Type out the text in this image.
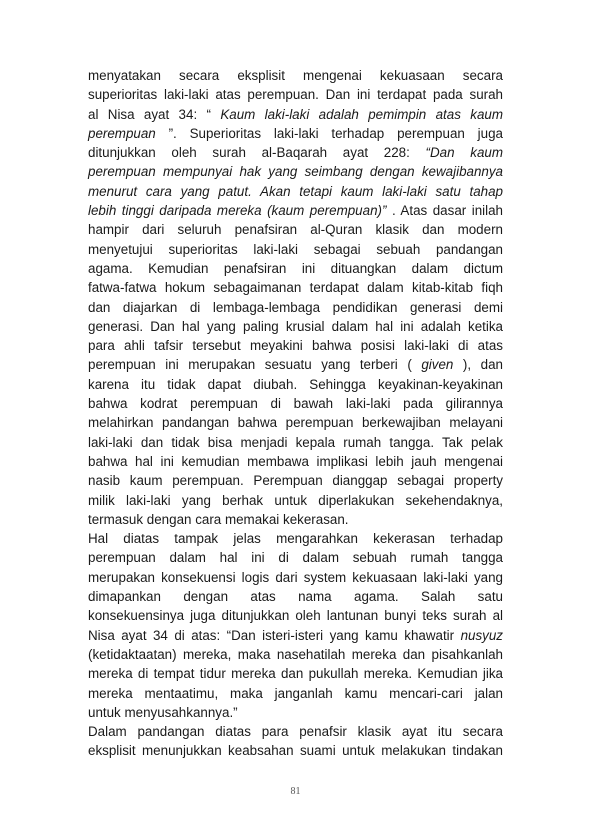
menyatakan secara eksplisit mengenai kekuasaan secara
superioritas laki-laki atas perempuan. Dan ini terdapat pada surah
al Nisa ayat 34: “ Kaum laki-laki adalah pemimpin atas kaum
perempuan ”. Superioritas laki-laki terhadap perempuan juga
ditunjukkan oleh surah al-Baqarah ayat 228: “Dan kaum
perempuan mempunyai hak yang seimbang dengan kewajibannya
menurut cara yang patut. Akan tetapi kaum laki-laki satu tahap
lebih tinggi daripada mereka (kaum perempuan)” . Atas dasar inilah
hampir dari seluruh penafsiran al-Quran klasik dan modern
menyetujui superioritas laki-laki sebagai sebuah pandangan
agama. Kemudian penafsiran ini dituangkan dalam dictum
fatwa-fatwa hokum sebagaimanan terdapat dalam kitab-kitab fiqh
dan diajarkan di lembaga-lembaga pendidikan generasi demi
generasi. Dan hal yang paling krusial dalam hal ini adalah ketika
para ahli tafsir tersebut meyakini bahwa posisi laki-laki di atas
perempuan ini merupakan sesuatu yang terberi ( given ), dan
karena itu tidak dapat diubah. Sehingga keyakinan-keyakinan
bahwa kodrat perempuan di bawah laki-laki pada gilirannya
melahirkan pandangan bahwa perempuan berkewajiban melayani
laki-laki dan tidak bisa menjadi kepala rumah tangga. Tak pelak
bahwa hal ini kemudian membawa implikasi lebih jauh mengenai
nasib kaum perempuan. Perempuan dianggap sebagai property
milik laki-laki yang berhak untuk diperlakukan sekehendaknya,
termasuk dengan cara memakai kekerasan.
Hal diatas tampak jelas mengarahkan kekerasan terhadap
perempuan dalam hal ini di dalam sebuah rumah tangga
merupakan konsekuensi logis dari system kekuasaan laki-laki yang
dimapankan dengan atas nama agama. Salah satu
konsekuensinya juga ditunjukkan oleh lantunan bunyi teks surah al
Nisa ayat 34 di atas: “Dan isteri-isteri yang kamu khawatir nusyuz
(ketidaktaatan) mereka, maka nasehatilah mereka dan pisahkanlah
mereka di tempat tidur mereka dan pukullah mereka. Kemudian jika
mereka mentaatimu, maka janganlah kamu mencari-cari jalan
untuk menyusahkannya.”
Dalam pandangan diatas para penafsir klasik ayat itu secara
eksplisit menunjukkan keabsahan suami untuk melakukan tindakan
81
